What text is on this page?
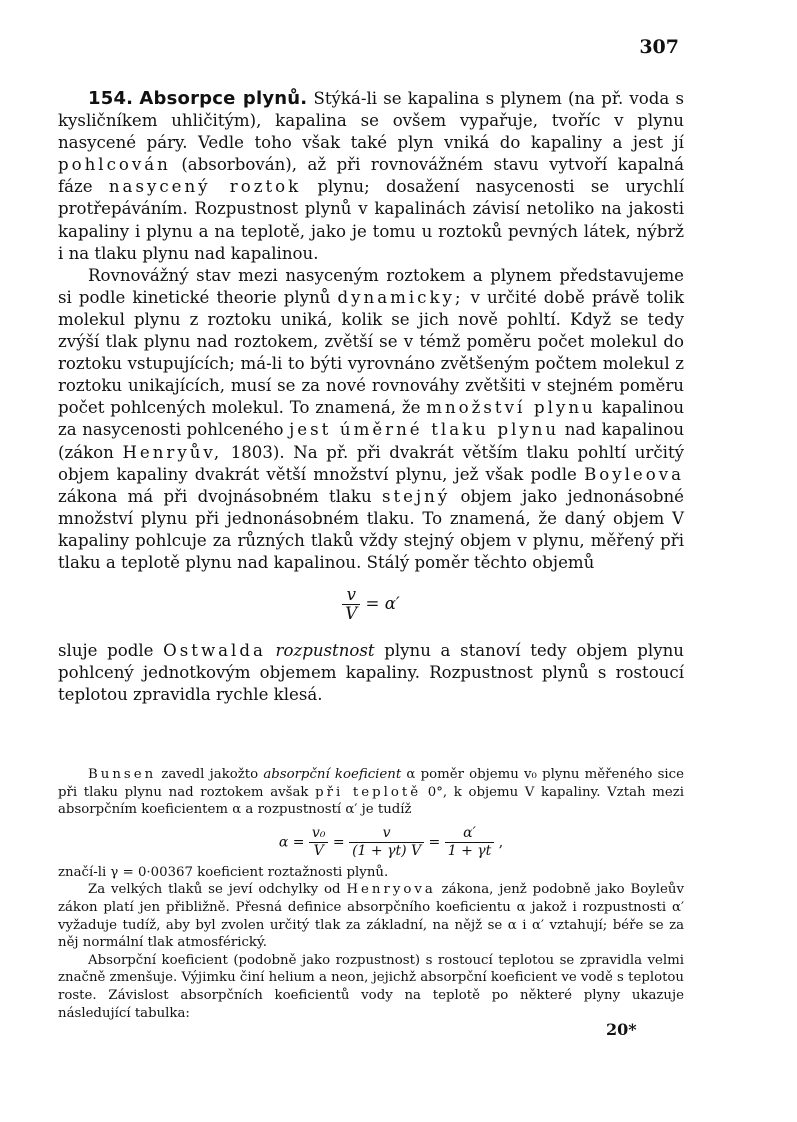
307

154. Absorpce plynů. Stýká-li se kapalina s plynem (na př. voda s kysličníkem uhličitým), kapalina se ovšem vypařuje, tvoříc v plynu nasycené páry. Vedle toho však také plyn vniká do kapaliny a jest jí pohlcován (absorbován), až při rovnovážném stavu vytvoří kapalná fáze nasycený roztok plynu; dosažení nasycenosti se urychlí protřepáváním. Rozpustnost plynů v kapalinách závisí netoliko na jakosti kapaliny i plynu a na teplotě, jako je tomu u roztoků pevných látek, nýbrž i na tlaku plynu nad kapalinou.

Rovnovážný stav mezi nasyceným roztokem a plynem představujeme si podle kinetické theorie plynů dynamicky; v určité době právě tolik molekul plynu z roztoku uniká, kolik se jich nově pohltí. Když se tedy zvýší tlak plynu nad roztokem, zvětší se v témž poměru počet molekul do roztoku vstupujících; má-li to býti vyrovnáno zvětšeným počtem molekul z roztoku unikajících, musí se za nové rovnováhy zvětšiti v stejném poměru počet pohlcených molekul. To znamená, že množství plynu kapalinou za nasycenosti pohlceného jest úměrné tlaku plynu nad kapalinou (zákon Henryův, 1803). Na př. při dvakrát větším tlaku pohltí určitý objem kapaliny dvakrát větší množství plynu, jež však podle Boyleova zákona má při dvojnásobném tlaku stejný objem jako jednonásobné množství plynu při jednonásobném tlaku. To znamená, že daný objem V kapaliny pohlcuje za různých tlaků vždy stejný objem v plynu, měřený při tlaku a teplotě plynu nad kapalinou. Stálý poměr těchto objemů

$\frac{v}{V} = \alpha'$

sluje podle Ostwalda rozpustnost plynu a stanoví tedy objem plynu pohlcený jednotkovým objemem kapaliny. Rozpustnost plynů s rostoucí teplotou zpravidla rychle klesá.

Bunsen zavedl jakožto absorpční koeficient α poměr objemu v₀ plynu měřeného sice při tlaku plynu nad roztokem avšak při teplotě 0°, k objemu V kapaliny. Vztah mezi absorpčním koeficientem α a rozpustností α′ je tudíž

$\alpha = \frac{\text{v₀}}{V} = \frac{v}{(1 + \gamma t) V} = \frac{\alpha'}{1 + \gamma t}$ ,

značí-li γ = 0·00367 koeficient roztažnosti plynů.

Za velkých tlaků se jeví odchylky od Henryova zákona, jenž podobně jako Boyleův zákon platí jen přibližně. Přesná definice absorpčního koeficientu α jakož i rozpustnosti α′ vyžaduje tudíž, aby byl zvolen určitý tlak za základní, na nějž se α i α′ vztahují; béře se za něj normální tlak atmosférický.

Absorpční koeficient (podobně jako rozpustnost) s rostoucí teplotou se zpravidla velmi značně zmenšuje. Výjimku činí helium a neon, jejichž absorpční koeficient ve vodě s teplotou roste. Závislost absorpčních koeficientů vody na teplotě po některé plyny ukazuje následující tabulka:

20*
